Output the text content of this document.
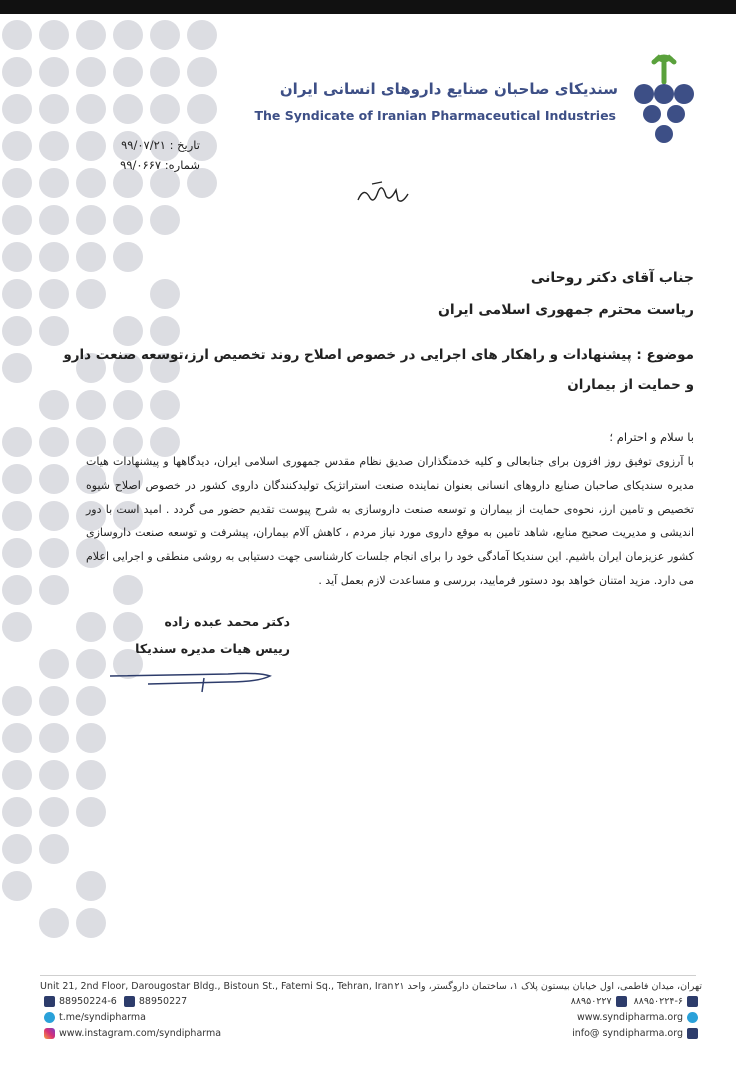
سندیکای صاحبان صنایع داروهای انسانی ایران
The Syndicate of Iranian Pharmaceutical Industries
تاریخ : ۹۹/۰۷/۲۱
شماره: ۹۹/۰۶۶۷
جناب آقای دکتر روحانی
ریاست محترم جمهوری اسلامی ایران
موضوع : پیشنهادات و راهکار های اجرایی در خصوص اصلاح روند تخصیص ارز،توسعه صنعت دارو و حمایت از بیماران
با سلام و احترام ؛
با آرزوی توفیق روز افزون برای جنابعالی و کلیه خدمتگذاران صدیق نظام مقدس جمهوری اسلامی ایران، دیدگاهها و پیشنهادات هیات مدیره سندیکای صاحبان صنایع داروهای انسانی بعنوان نماینده صنعت استراتژیک تولیدکنندگان داروی کشور در خصوص اصلاح شیوه تخصیص و تامین ارز، نحوه‌ی حمایت از بیماران و توسعه صنعت داروسازی به شرح پیوست تقدیم حضور می گردد . امید است با دور اندیشی و مدیریت صحیح منابع، شاهد تامین به موقع داروی مورد نیاز مردم ، کاهش آلام بیماران، پیشرفت و توسعه صنعت داروسازی کشور عزیزمان ایران باشیم. این سندیکا آمادگی خود را برای انجام جلسات کارشناسی جهت دستیابی به روشی منطقی و اجرایی اعلام می دارد. مزید امتنان خواهد بود دستور فرمایید، بررسی و مساعدت لازم بعمل آید .
دکتر محمد عبده زاده
رییس هیات مدیره سندیکا
Unit 21, 2nd Floor, Darougostar Bldg., Bistoun St., Fatemi Sq., Tehran, Iran تهران، میدان فاطمی، اول خیابان بیستون پلاک ۱، ساختمان داروگستر، واحد ۲۱
88950224-6 88950227	۸۸۹۵۰۲۲۴-۶ ۸۸۹۵۰۲۲۷
t.me/syndipharma	www.syndipharma.org
www.instagram.com/syndipharma	info@ syndipharma.org
